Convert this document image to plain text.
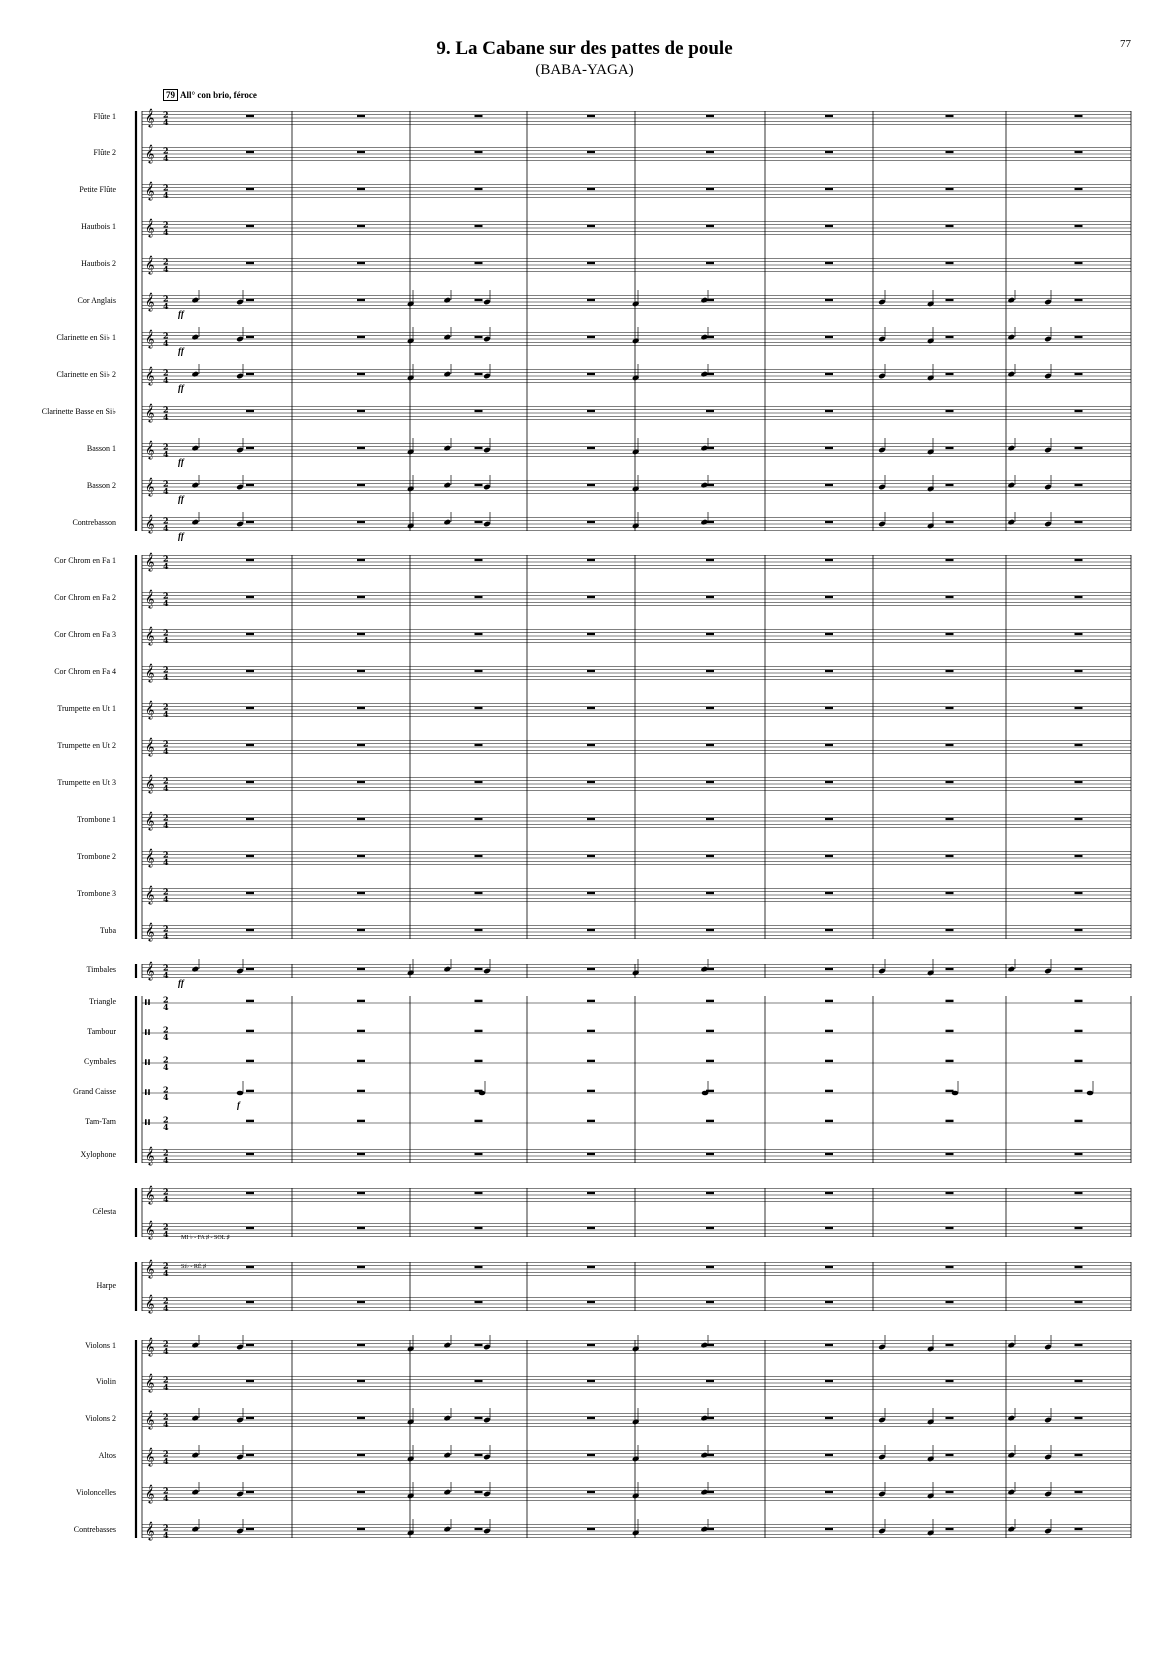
77
9. La Cabane sur des pattes de poule
(BABA-YAGA)
79 All° con brio, féroce
Flûte 1
Flûte 2
Petite Flûte
Hautbois 1
Hautbois 2
Cor Anglais
Clarinette en Si♭ 1
Clarinette en Si♭ 2
Clarinette Basse en Si♭
Basson 1
Basson 2
Contrebasson
Cor Chrom en Fa 1
Cor Chrom en Fa 2
Cor Chrom en Fa 3
Cor Chrom en Fa 4
Trumpette en Ut 1
Trumpette en Ut 2
Trumpette en Ut 3
Trombone 1
Trombone 2
Trombone 3
Tuba
Timbales
Triangle
Tambour
Cymbales
Grand Caisse
Tam-Tam
Xylophone
Célesta
Harpe
Violons 1
Violin
Violons 2
Altos
Violoncelles
Contrebasses
MI ♭ - FA ♯ - SOL ♯
Si♭ - RÉ ♯
𝄞 2
4
𝄞 2
4
𝄞 2
4
𝄞 2
4
𝄞 2
4
𝄞 2
4
𝄞 2
4
𝄞 2
4
𝄞 2
4
𝄞 2
4
𝄞 2
4
𝄞 2
4
𝄞 2
4
𝄞 2
4
𝄞 2
4
𝄞 2
4
𝄞 2
4
𝄞 2
4
𝄞 2
4
𝄞 2
4
𝄞 2
4
𝄞 2
4
𝄞 2
4
𝄞 2
4
𝄥 2
4
𝄥 2
4
𝄥 2
4
𝄥 2
4
𝄥 2
4
𝄞 2
4
𝄞 2
4
𝄞 2
4
𝄞 2
4
𝄞 2
4
𝄞 2
4
𝄞 2
4
𝄞 2
4
𝄞 2
4
𝄞 2
4
𝄞 2
4
ff
ff
ff
ff
ff
ff
ff
f
